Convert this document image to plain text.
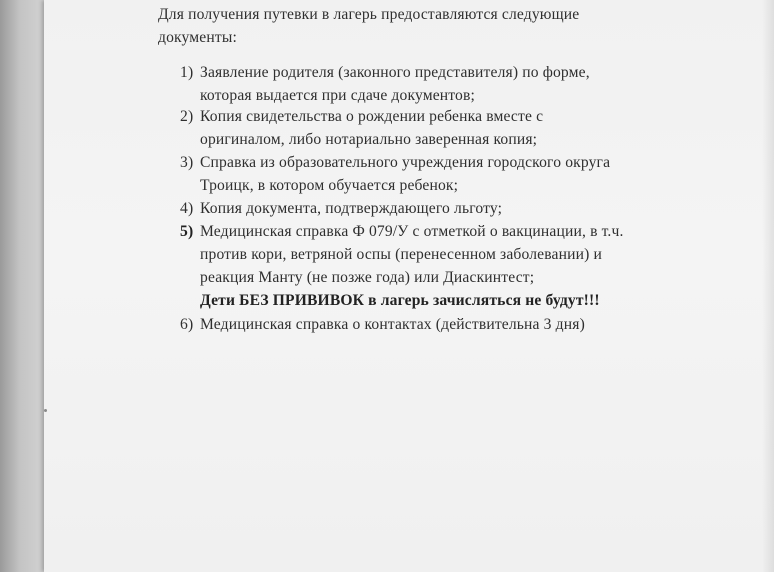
Для получения путевки в лагерь предоставляются следующие
документы:
1) Заявление родителя (законного представителя) по форме,
которая выдается при сдаче документов;
2) Копия свидетельства о рождении ребенка вместе с
оригиналом, либо нотариально заверенная копия;
3) Справка из образовательного учреждения городского округа
Троицк, в котором обучается ребенок;
4) Копия документа, подтверждающего льготу;
5) Медицинская справка Ф 079/У с отметкой о вакцинации, в т.ч.
против кори, ветряной оспы (перенесенном заболевании) и
реакция Манту (не позже года) или Диаскинтест;
Дети БЕЗ ПРИВИВОК в лагерь зачисляться не будут!!!
6) Медицинская справка о контактах (действительна 3 дня)
